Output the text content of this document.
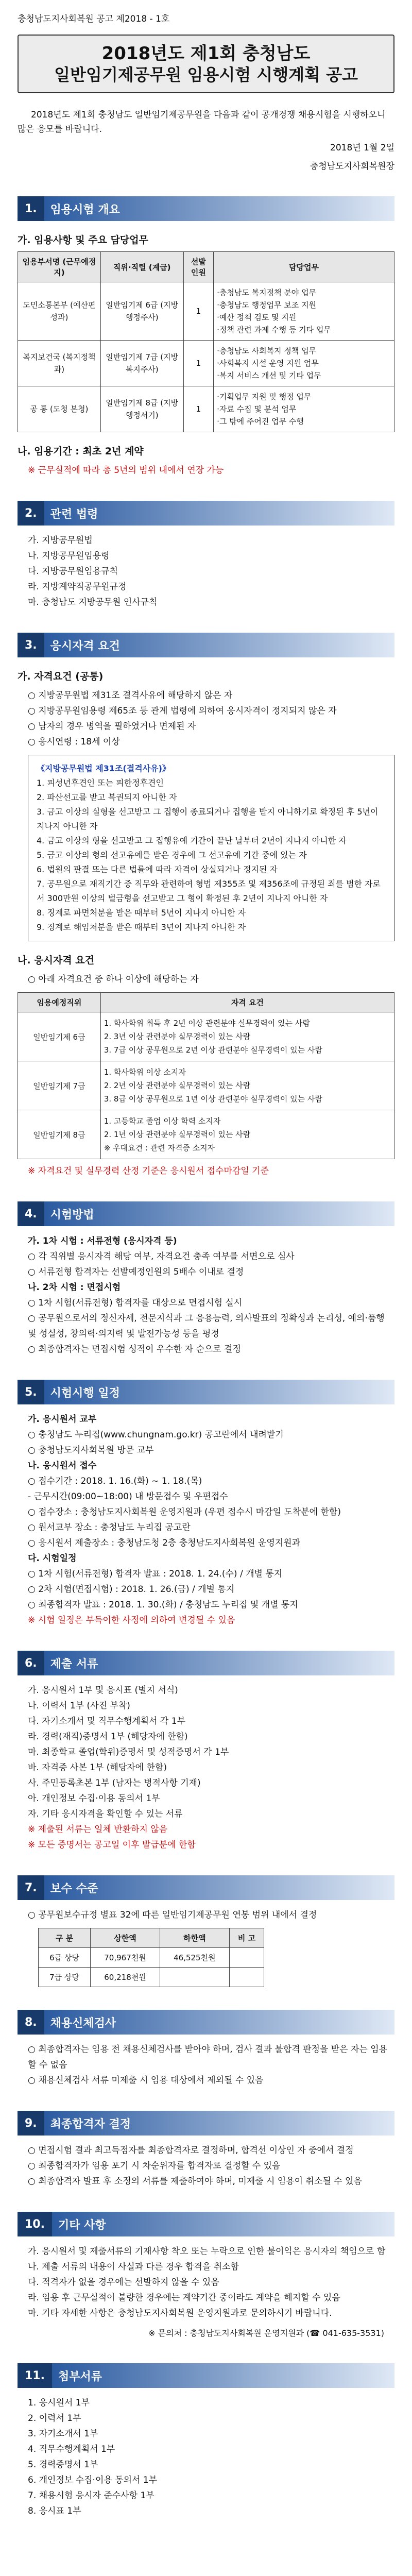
충청남도지사회복원 공고 제2018 - 1호
2018년도 제1회 충청남도
일반임기제공무원 임용시험 시행계획 공고
2018년도 제1회 충청남도 일반임기제공무원을 다음과 같이 공개경쟁 채용시험을 시행하오니 많은 응모를 바랍니다.
2018년 1월 2일
충청남도지사회복원장
1.	임용시험 개요
가. 임용사항 및 주요 담당업무
임용부서명 (근무예정지)	직위·직렬 (계급)	선발 인원	담당업무
도민소통본부 (예산편성과)	일반임기제 6급 (지방행정주사)	1	·충청남도 복지정책 분야 업무
·충청남도 행정업무 보조 지원
·예산 정책 검토 및 지원
·정책 관련 과제 수행 등 기타 업무
복지보건국 (복지정책과)	일반임기제 7급 (지방복지주사)	1	·충청남도 사회복지 정책 업무
·사회복지 시설 운영 지원 업무
·복지 서비스 개선 및 기타 업무
공 통 (도청 본청)	일반임기제 8급 (지방행정서기)	1	·기획업무 지원 및 행정 업무
·자료 수집 및 분석 업무
·그 밖에 주어진 업무 수행
나. 임용기간 : 최초 2년 계약
※ 근무실적에 따라 총 5년의 범위 내에서 연장 가능
2.	관련 법령
가. 지방공무원법
나. 지방공무원임용령
다. 지방공무원임용규칙
라. 지방계약직공무원규정
마. 충청남도 지방공무원 인사규칙
3.	응시자격 요건
가. 자격요건 (공통)
○ 지방공무원법 제31조 결격사유에 해당하지 않은 자
○ 지방공무원임용령 제65조 등 관계 법령에 의하여 응시자격이 정지되지 않은 자
○ 남자의 경우 병역을 필하였거나 면제된 자
○ 응시연령 : 18세 이상
《지방공무원법 제31조(결격사유)》
1. 피성년후견인 또는 피한정후견인
2. 파산선고를 받고 복권되지 아니한 자
3. 금고 이상의 실형을 선고받고 그 집행이 종료되거나 집행을 받지 아니하기로 확정된 후 5년이 지나지 아니한 자
4. 금고 이상의 형을 선고받고 그 집행유예 기간이 끝난 날부터 2년이 지나지 아니한 자
5. 금고 이상의 형의 선고유예를 받은 경우에 그 선고유예 기간 중에 있는 자
6. 법원의 판결 또는 다른 법률에 따라 자격이 상실되거나 정지된 자
7. 공무원으로 재직기간 중 직무와 관련하여 형법 제355조 및 제356조에 규정된 죄를 범한 자로서 300만원 이상의 벌금형을 선고받고 그 형이 확정된 후 2년이 지나지 아니한 자
8. 징계로 파면처분을 받은 때부터 5년이 지나지 아니한 자
9. 징계로 해임처분을 받은 때부터 3년이 지나지 아니한 자
나. 응시자격 요건
○ 아래 자격요건 중 하나 이상에 해당하는 자
임용예정직위	자격 요건
일반임기제 6급	1. 학사학위 취득 후 2년 이상 관련분야 실무경력이 있는 사람
2. 3년 이상 관련분야 실무경력이 있는 사람
3. 7급 이상 공무원으로 2년 이상 관련분야 실무경력이 있는 사람
일반임기제 7급	1. 학사학위 이상 소지자
2. 2년 이상 관련분야 실무경력이 있는 사람
3. 8급 이상 공무원으로 1년 이상 관련분야 실무경력이 있는 사람
일반임기제 8급	1. 고등학교 졸업 이상 학력 소지자
2. 1년 이상 관련분야 실무경력이 있는 사람
※ 우대요건 : 관련 자격증 소지자
※ 자격요건 및 실무경력 산정 기준은 응시원서 접수마감일 기준
4.	시험방법
가. 1차 시험 : 서류전형 (응시자격 등)
○ 각 직위별 응시자격 해당 여부, 자격요건 충족 여부를 서면으로 심사
○ 서류전형 합격자는 선발예정인원의 5배수 이내로 결정
나. 2차 시험 : 면접시험
○ 1차 시험(서류전형) 합격자를 대상으로 면접시험 실시
○ 공무원으로서의 정신자세, 전문지식과 그 응용능력, 의사발표의 정확성과 논리성, 예의·품행 및 성실성, 창의력·의지력 및 발전가능성 등을 평정
○ 최종합격자는 면접시험 성적이 우수한 자 순으로 결정
5.	시험시행 일정
가. 응시원서 교부
○ 충청남도 누리집(www.chungnam.go.kr) 공고란에서 내려받기
○ 충청남도지사회복원 방문 교부
나. 응시원서 접수
○ 접수기간 : 2018. 1. 16.(화) ~ 1. 18.(목)
- 근무시간(09:00~18:00) 내 방문접수 및 우편접수
○ 접수장소 : 충청남도지사회복원 운영지원과 (우편 접수시 마감일 도착분에 한함)
○ 원서교부 장소 : 충청남도 누리집 공고란
○ 응시원서 제출장소 : 충청남도청 2층 충청남도지사회복원 운영지원과
다. 시험일정
○ 1차 시험(서류전형) 합격자 발표 : 2018. 1. 24.(수) / 개별 통지
○ 2차 시험(면접시험) : 2018. 1. 26.(금) / 개별 통지
○ 최종합격자 발표 : 2018. 1. 30.(화) / 충청남도 누리집 및 개별 통지
※ 시험 일정은 부득이한 사정에 의하여 변경될 수 있음
6.	제출 서류
가. 응시원서 1부 및 응시표 (별지 서식)
나. 이력서 1부 (사진 부착)
다. 자기소개서 및 직무수행계획서 각 1부
라. 경력(재직)증명서 1부 (해당자에 한함)
마. 최종학교 졸업(학위)증명서 및 성적증명서 각 1부
바. 자격증 사본 1부 (해당자에 한함)
사. 주민등록초본 1부 (남자는 병적사항 기재)
아. 개인정보 수집·이용 동의서 1부
자. 기타 응시자격을 확인할 수 있는 서류
※ 제출된 서류는 일체 반환하지 않음
※ 모든 증명서는 공고일 이후 발급분에 한함
7.	보수 수준
○ 공무원보수규정 별표 32에 따른 일반임기제공무원 연봉 범위 내에서 결정
구 분	상한액	하한액	비 고
6급 상당	70,967천원	46,525천원	
7급 상당	60,218천원		
8.	채용신체검사
○ 최종합격자는 임용 전 채용신체검사를 받아야 하며, 검사 결과 불합격 판정을 받은 자는 임용할 수 없음
○ 채용신체검사 서류 미제출 시 임용 대상에서 제외될 수 있음
9.	최종합격자 결정
○ 면접시험 결과 최고득점자를 최종합격자로 결정하며, 합격선 이상인 자 중에서 결정
○ 최종합격자가 임용 포기 시 차순위자를 합격자로 결정할 수 있음
○ 최종합격자 발표 후 소정의 서류를 제출하여야 하며, 미제출 시 임용이 취소될 수 있음
10.	기타 사항
가. 응시원서 및 제출서류의 기재사항 착오 또는 누락으로 인한 불이익은 응시자의 책임으로 함
나. 제출 서류의 내용이 사실과 다른 경우 합격을 취소함
다. 적격자가 없을 경우에는 선발하지 않을 수 있음
라. 임용 후 근무실적이 불량한 경우에는 계약기간 중이라도 계약을 해지할 수 있음
마. 기타 자세한 사항은 충청남도지사회복원 운영지원과로 문의하시기 바랍니다.
※ 문의처 : 충청남도지사회복원 운영지원과 (☎ 041-635-3531)
11.	첨부서류
1. 응시원서 1부
2. 이력서 1부
3. 자기소개서 1부
4. 직무수행계획서 1부
5. 경력증명서 1부
6. 개인정보 수집·이용 동의서 1부
7. 채용시험 응시자 준수사항 1부
8. 응시표 1부
